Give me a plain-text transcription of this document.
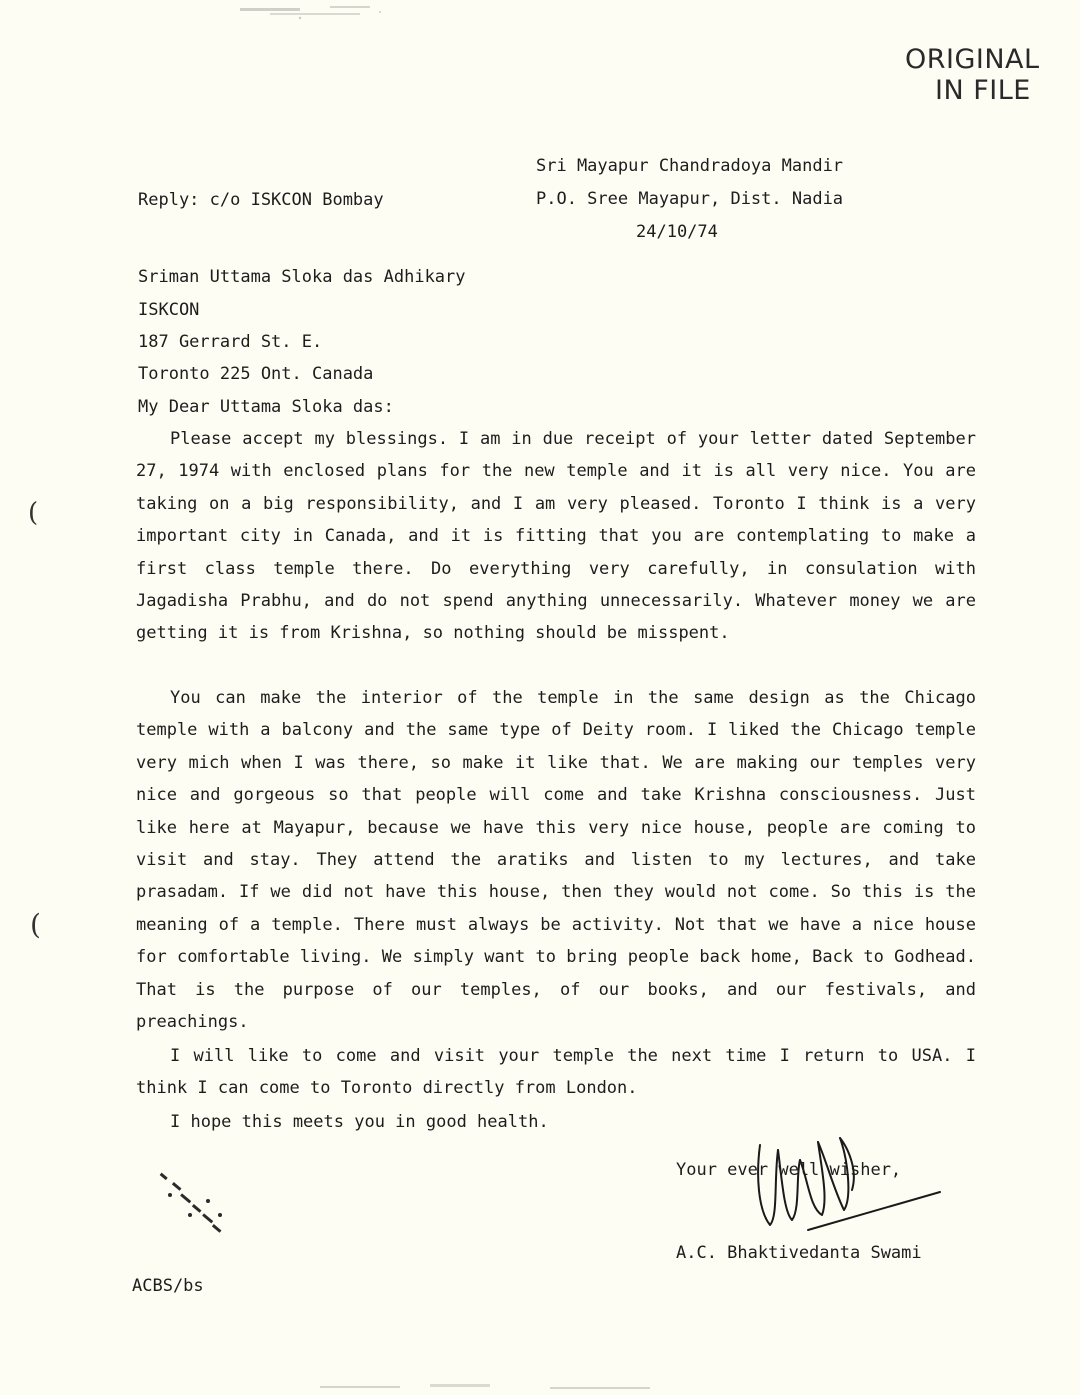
ORIGINAL
IN FILE
Sri Mayapur Chandradoya Mandir
P.O. Sree Mayapur, Dist. Nadia
24/10/74
Reply: c/o ISKCON Bombay
Sriman Uttama Sloka das Adhikary
ISKCON
187 Gerrard St. E.
Toronto 225 Ont. Canada
My Dear Uttama Sloka das:
Please accept my blessings. I am in due receipt of your letter dated September 27, 1974 with enclosed plans for the new temple and it is all very nice. You are taking on a big responsibility, and I am very pleased. Toronto I think is a very important city in Canada, and it is fitting that you are contemplating to make a first class temple there. Do everything very carefully, in consulation with Jagadisha Prabhu, and do not spend anything unnecessarily. Whatever money we are getting it is from Krishna, so nothing should be misspent.
You can make the interior of the temple in the same design as the Chicago temple with a balcony and the same type of Deity room. I liked the Chicago temple very mich when I was there, so make it like that. We are making our temples very nice and gorgeous so that people will come and take Krishna consciousness. Just like here at Mayapur, because we have this very nice house, people are coming to visit and stay. They attend the aratiks and listen to my lectures, and take prasadam. If we did not have this house, then they would not come. So this is the meaning of a temple. There must always be activity. Not that we have a nice house for comfortable living. We simply want to bring people back home, Back to Godhead. That is the purpose of our temples, of our books, and our festivals, and preachings.
I will like to come and visit your temple the next time I return to USA. I think I can come to Toronto directly from London.
I hope this meets you in good health.
(
(
Your ever well wisher,
A.C. Bhaktivedanta Swami
ACBS/bs
